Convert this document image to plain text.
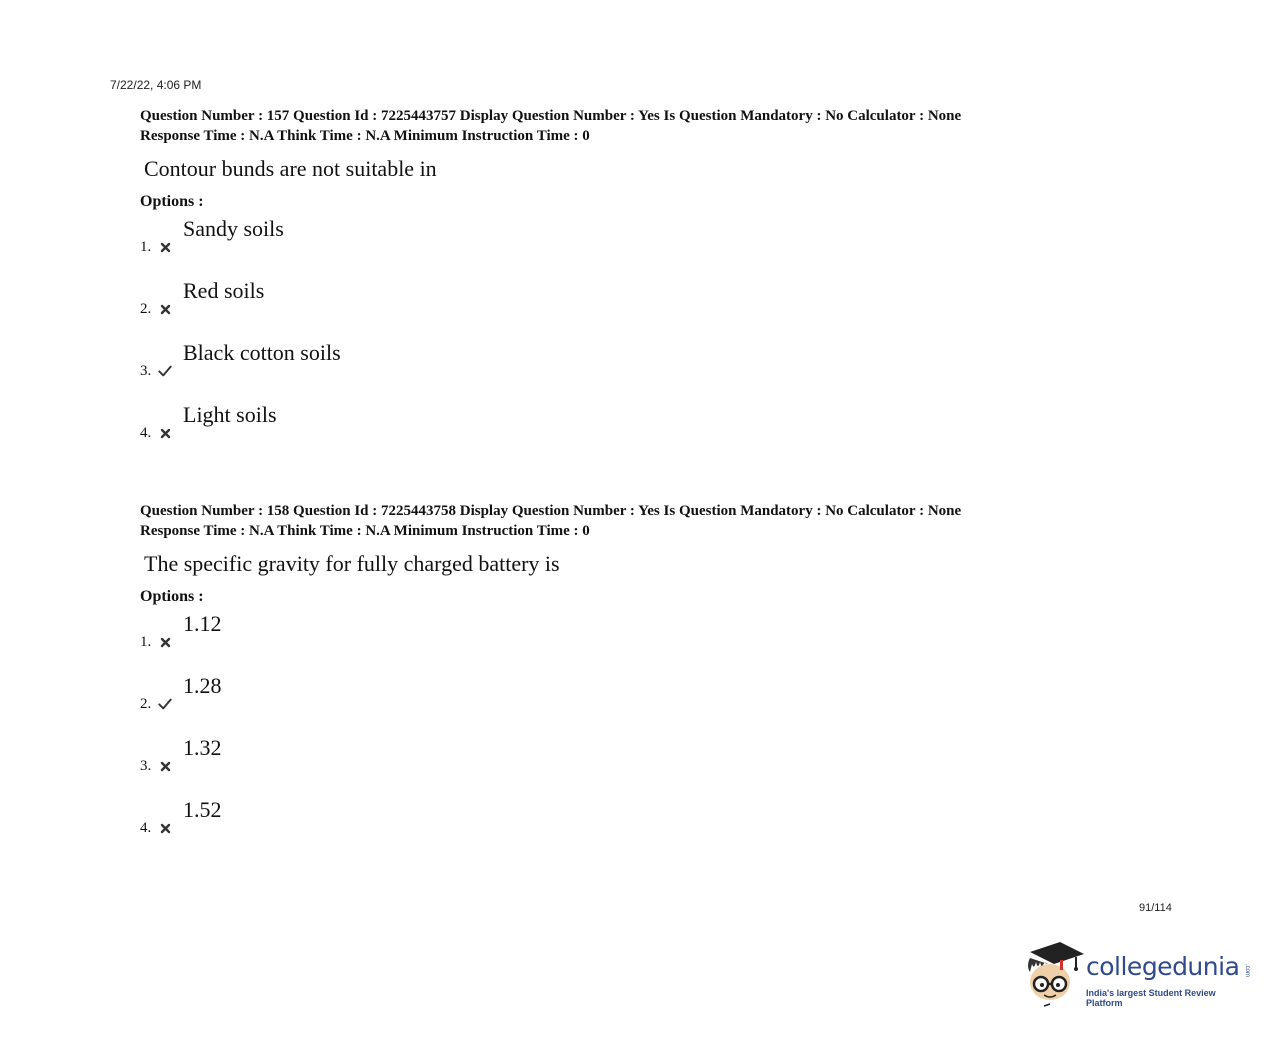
7/22/22, 4:06 PM
Question Number : 157 Question Id : 7225443757 Display Question Number : Yes Is Question Mandatory : No Calculator : None
Response Time : N.A Think Time : N.A Minimum Instruction Time : 0
Contour bunds are not suitable in
Options :
1.
Sandy soils
2.
Red soils
3.
Black cotton soils
4.
Light soils
Question Number : 158 Question Id : 7225443758 Display Question Number : Yes Is Question Mandatory : No Calculator : None
Response Time : N.A Think Time : N.A Minimum Instruction Time : 0
The specific gravity for fully charged battery is
Options :
1.
1.12
2.
1.28
3.
1.32
4.
1.52
91/114
collegedunia .com
India's largest Student Review Platform
